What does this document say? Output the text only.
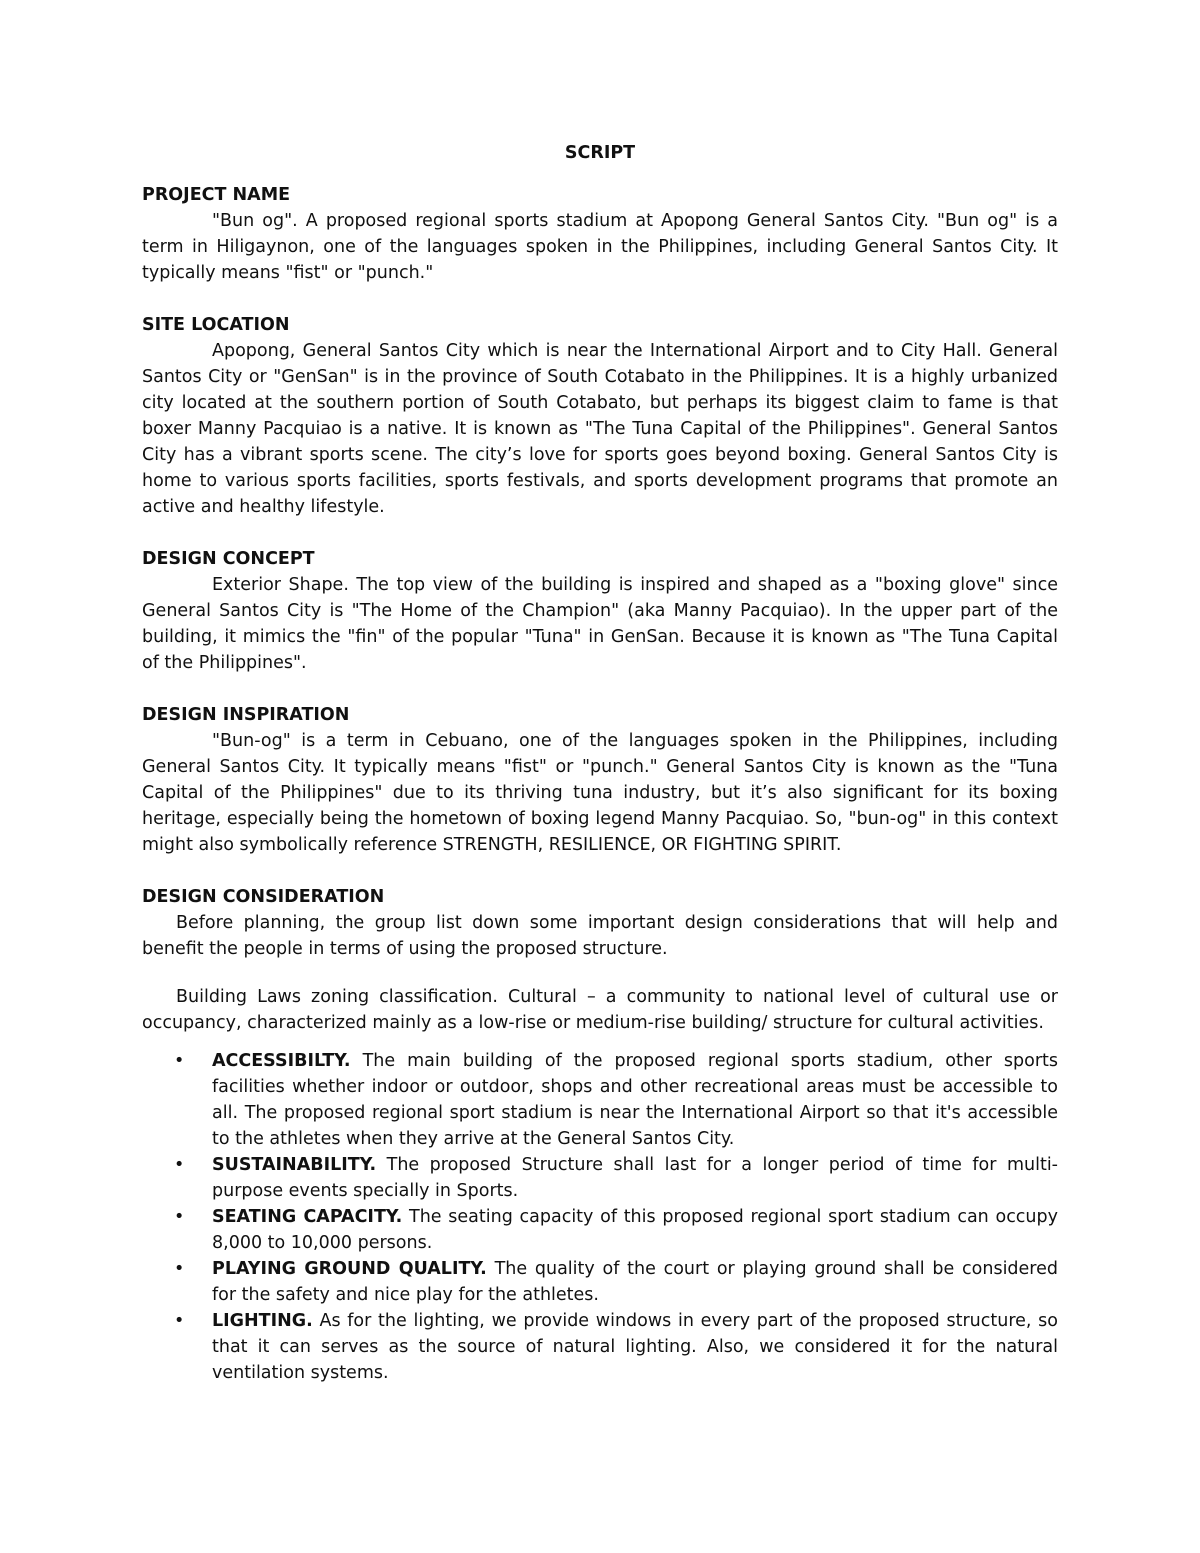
SCRIPT
PROJECT NAME

"Bun og". A proposed regional sports stadium at Apopong General Santos City. "Bun og" is a term in Hiligaynon, one of the languages spoken in the Philippines, including General Santos City. It typically means "fist" or "punch."

SITE LOCATION

Apopong, General Santos City which is near the International Airport and to City Hall. General Santos City or "GenSan" is in the province of South Cotabato in the Philippines. It is a highly urbanized city located at the southern portion of South Cotabato, but perhaps its biggest claim to fame is that boxer Manny Pacquiao is a native. It is known as "The Tuna Capital of the Philippines". General Santos City has a vibrant sports scene. The city’s love for sports goes beyond boxing. General Santos City is home to various sports facilities, sports festivals, and sports development programs that promote an active and healthy lifestyle.

DESIGN CONCEPT

Exterior Shape. The top view of the building is inspired and shaped as a "boxing glove" since General Santos City is "The Home of the Champion" (aka Manny Pacquiao). In the upper part of the building, it mimics the "fin" of the popular "Tuna" in GenSan. Because it is known as "The Tuna Capital of the Philippines".

DESIGN INSPIRATION

"Bun-og" is a term in Cebuano, one of the languages spoken in the Philippines, including General Santos City. It typically means "fist" or "punch." General Santos City is known as the "Tuna Capital of the Philippines" due to its thriving tuna industry, but it’s also significant for its boxing heritage, especially being the hometown of boxing legend Manny Pacquiao. So, "bun-og" in this context might also symbolically reference STRENGTH, RESILIENCE, OR FIGHTING SPIRIT.

DESIGN CONSIDERATION

Before planning, the group list down some important design considerations that will help and benefit the people in terms of using the proposed structure.

Building Laws zoning classification. Cultural – a community to national level of cultural use or occupancy, characterized mainly as a low-rise or medium-rise building/ structure for cultural activities.

• ACCESSIBILTY. The main building of the proposed regional sports stadium, other sports facilities whether indoor or outdoor, shops and other recreational areas must be accessible to all. The proposed regional sport stadium is near the International Airport so that it's accessible to the athletes when they arrive at the General Santos City.
• SUSTAINABILITY. The proposed Structure shall last for a longer period of time for multi-purpose events specially in Sports.
• SEATING CAPACITY. The seating capacity of this proposed regional sport stadium can occupy 8,000 to 10,000 persons.
• PLAYING GROUND QUALITY. The quality of the court or playing ground shall be considered for the safety and nice play for the athletes.
• LIGHTING. As for the lighting, we provide windows in every part of the proposed structure, so that it can serves as the source of natural lighting. Also, we considered it for the natural ventilation systems.
